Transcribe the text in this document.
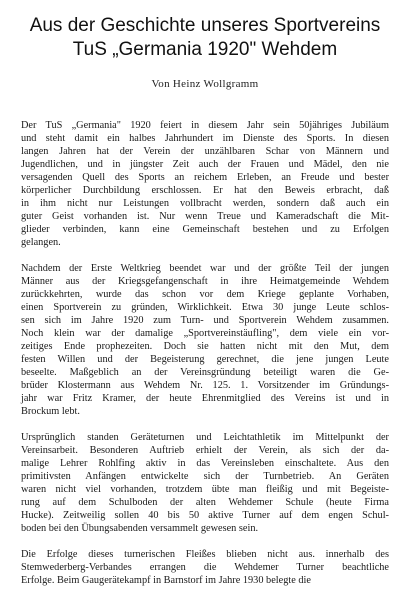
Aus der Geschichte unseres Sportvereins
TuS „Germania 1920" Wehdem
Von Heinz Wollgramm

Der TuS „Germania" 1920 feiert in diesem Jahr sein 50jähriges Jubiläum
und steht damit ein halbes Jahrhundert im Dienste des Sports. In diesen
langen Jahren hat der Verein der unzählbaren Schar von Männern und
Jugendlichen, und in jüngster Zeit auch der Frauen und Mädel, den nie
versagenden Quell des Sports an reichem Erleben, an Freude und bester
körperlicher Durchbildung erschlossen. Er hat den Beweis erbracht, daß
in ihm nicht nur Leistungen vollbracht werden, sondern daß auch ein
guter Geist vorhanden ist. Nur wenn Treue und Kameradschaft die Mit-
glieder verbinden, kann eine Gemeinschaft bestehen und zu Erfolgen
gelangen.

Nachdem der Erste Weltkrieg beendet war und der größte Teil der jungen
Männer aus der Kriegsgefangenschaft in ihre Heimatgemeinde Wehdem
zurückkehrten, wurde das schon vor dem Kriege geplante Vorhaben,
einen Sportverein zu gründen, Wirklichkeit. Etwa 30 junge Leute schlos-
sen sich im Jahre 1920 zum Turn- und Sportverein Wehdem zusammen.
Noch klein war der damalige „Sportvereinstäufling", dem viele ein vor-
zeitiges Ende prophezeiten. Doch sie hatten nicht mit den Mut, dem
festen Willen und der Begeisterung gerechnet, die jene jungen Leute
beseelte. Maßgeblich an der Vereinsgründung beteiligt waren die Ge-
brüder Klostermann aus Wehdem Nr. 125. 1. Vorsitzender im Gründungs-
jahr war Fritz Kramer, der heute Ehrenmitglied des Vereins ist und in
Brockum lebt.

Ursprünglich standen Geräteturnen und Leichtathletik im Mittelpunkt der
Vereinsarbeit. Besonderen Auftrieb erhielt der Verein, als sich der da-
malige Lehrer Rohlfing aktiv in das Vereinsleben einschaltete. Aus den
primitivsten Anfängen entwickelte sich der Turnbetrieb. An Geräten
waren nicht viel vorhanden, trotzdem übte man fleißig und mit Begeiste-
rung auf dem Schulboden der alten Wehdemer Schule (heute Firma
Hucke). Zeitweilig sollen 40 bis 50 aktive Turner auf dem engen Schul-
boden bei den Übungsabenden versammelt gewesen sein.

Die Erfolge dieses turnerischen Fleißes blieben nicht aus. innerhalb des
Stemwederberg-Verbandes errangen die Wehdemer Turner beachtliche
Erfolge. Beim Gaugerätekampf in Barnstorf im Jahre 1930 belegte die
